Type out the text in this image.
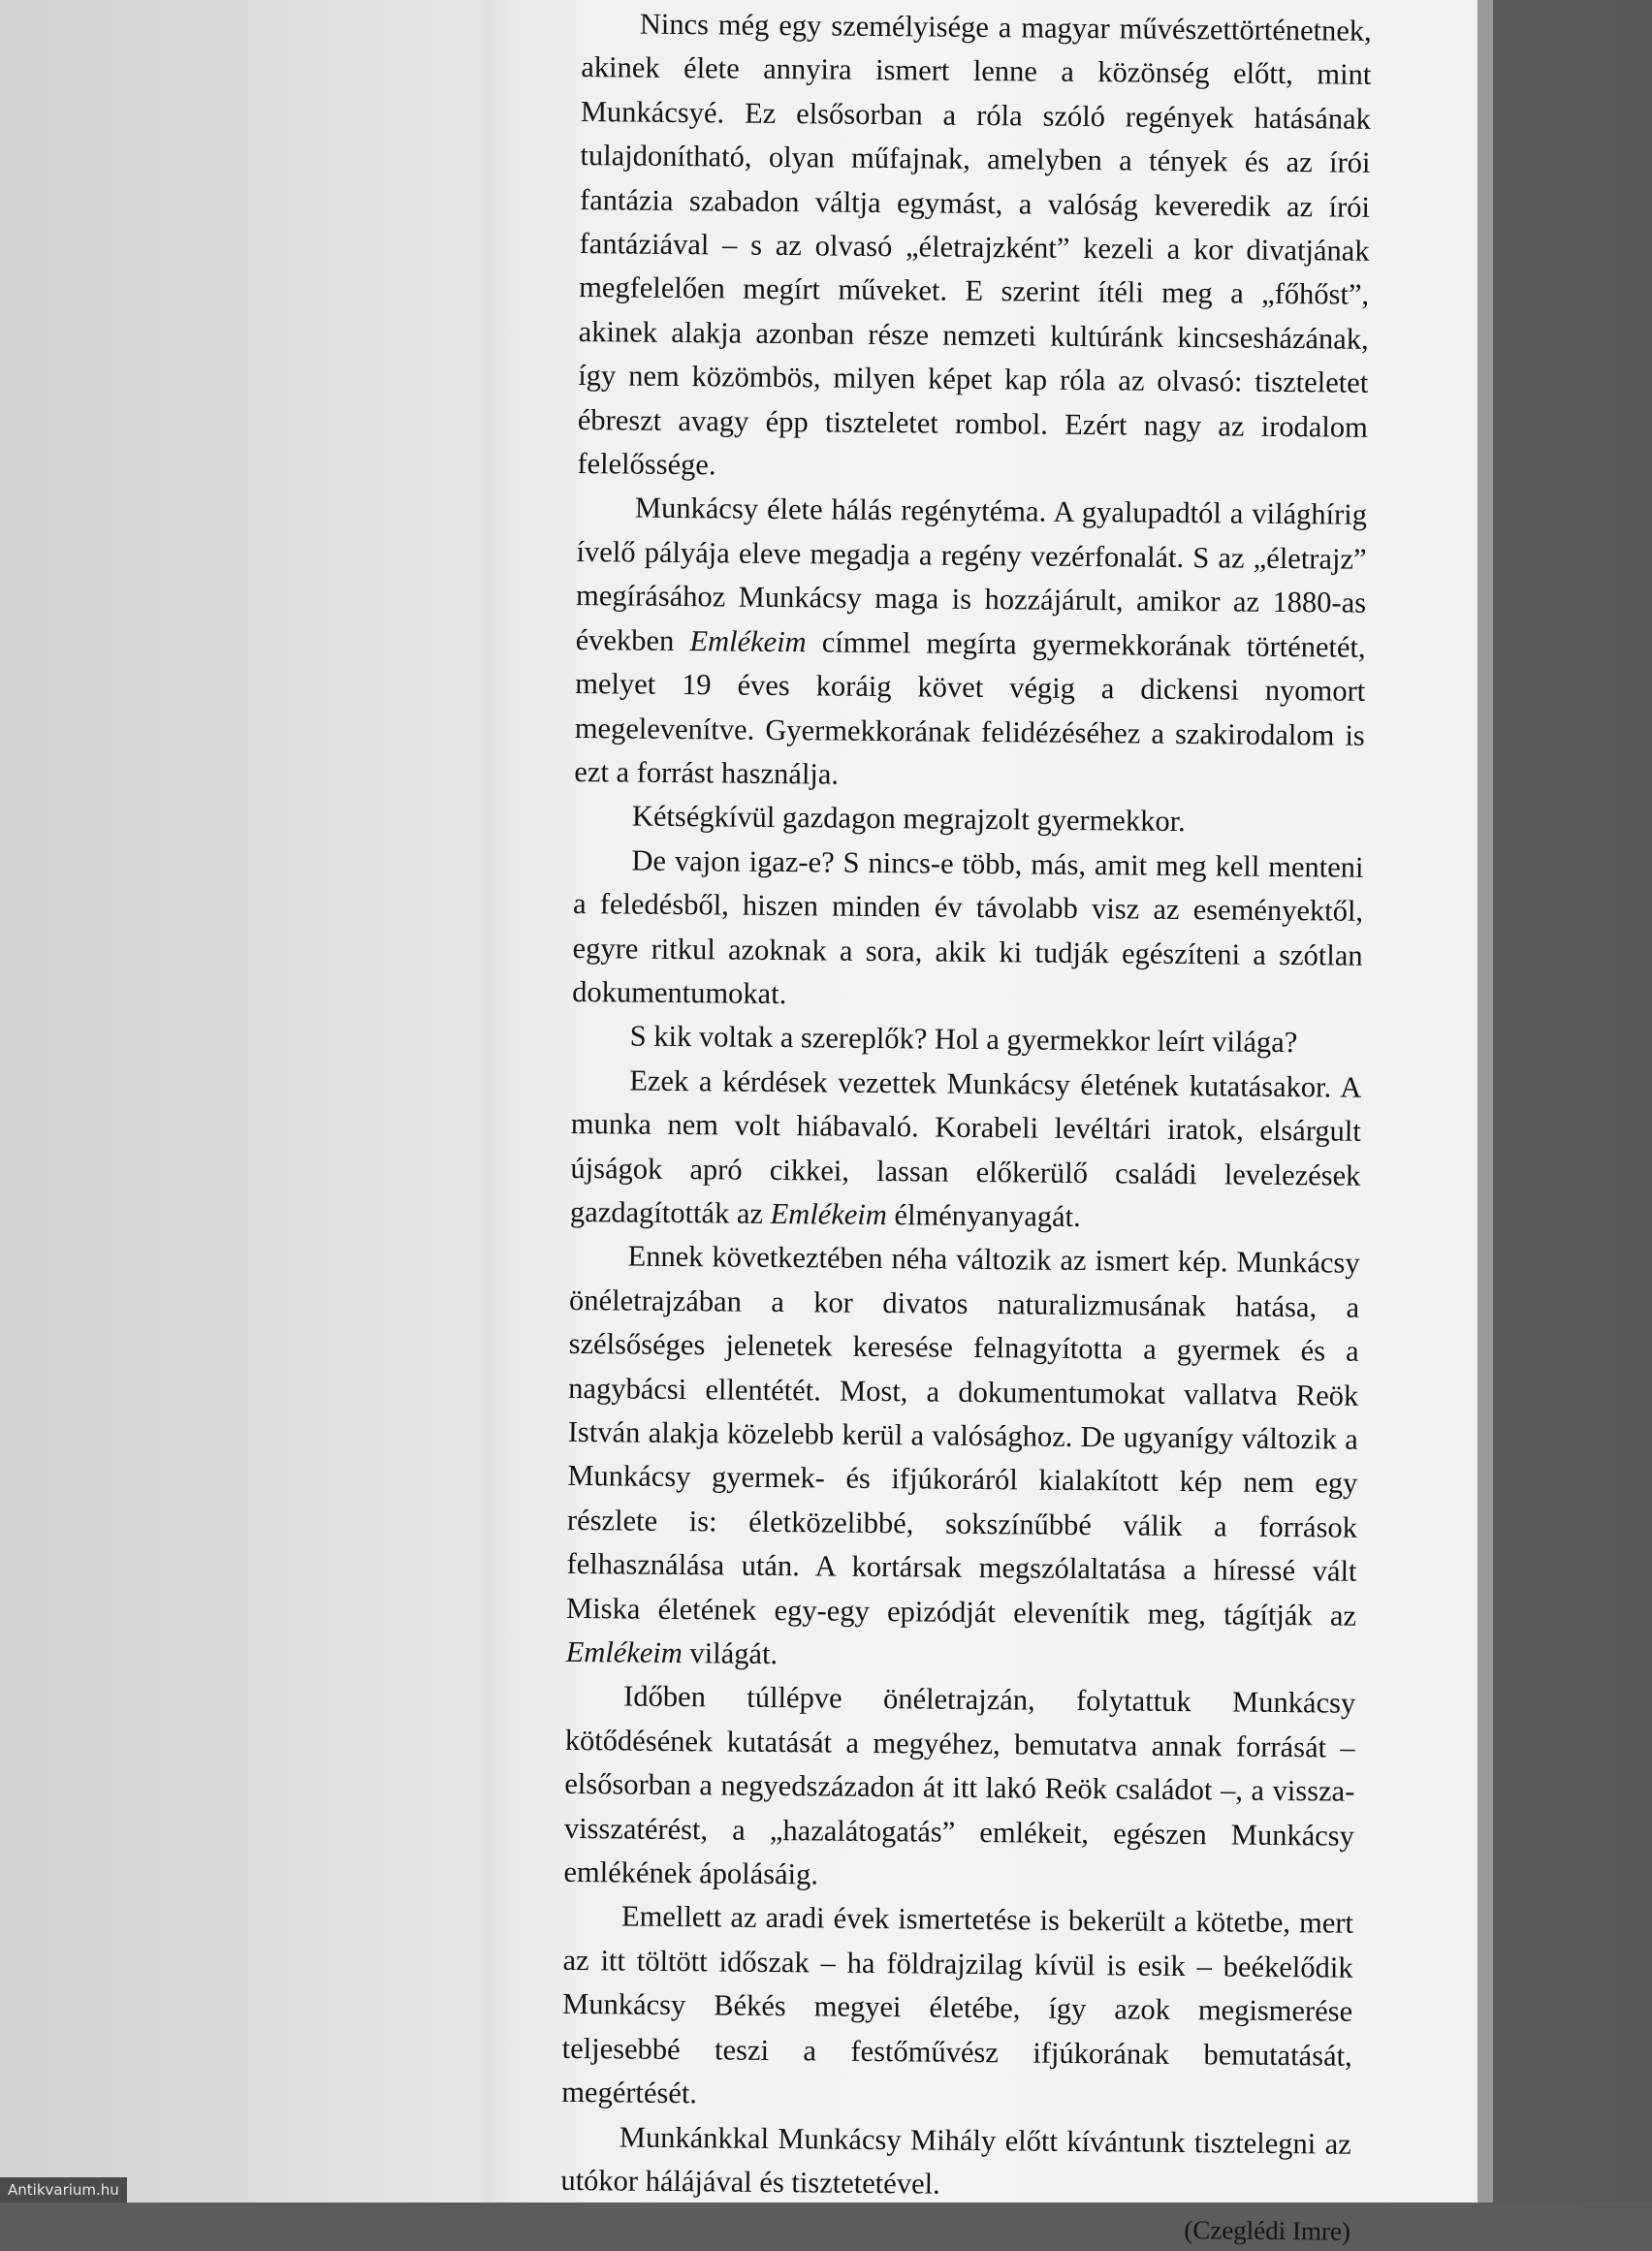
Nincs még egy személyisége a magyar művészettörténetnek, akinek élete annyira ismert lenne a közönség előtt, mint Munkácsyé. Ez elsősorban a róla szóló regények hatásának tulajdonítható, olyan műfajnak, amelyben a tények és az írói fantázia szabadon váltja egymást, a valóság keveredik az írói fantáziával – s az olvasó „életrajzként” kezeli a kor divatjának megfelelően megírt műveket. E szerint ítéli meg a „főhőst”, akinek alakja azonban része nemzeti kultúránk kincsesházának, így nem közömbös, milyen képet kap róla az olvasó: tiszteletet ébreszt avagy épp tiszteletet rombol. Ezért nagy az irodalom felelőssége.

Munkácsy élete hálás regénytéma. A gyalupadtól a világhírig ívelő pályája eleve megadja a regény vezérfonalát. S az „életrajz” megírásához Munkácsy maga is hozzájárult, amikor az 1880-as években Emlékeim címmel megírta gyermekkorának történetét, melyet 19 éves koráig követ végig a dickensi nyomort megelevenítve. Gyermekkorának felidézéséhez a szakirodalom is ezt a forrást használja.

Kétségkívül gazdagon megrajzolt gyermekkor.

De vajon igaz-e? S nincs-e több, más, amit meg kell menteni a feledésből, hiszen minden év távolabb visz az eseményektől, egyre ritkul azoknak a sora, akik ki tudják egészíteni a szótlan dokumentumokat.

S kik voltak a szereplők? Hol a gyermekkor leírt világa?

Ezek a kérdések vezettek Munkácsy életének kutatásakor. A munka nem volt hiábavaló. Korabeli levéltári iratok, elsárgult újságok apró cikkei, lassan előkerülő családi levelezések gazdagították az Emlékeim élményanyagát.

Ennek következtében néha változik az ismert kép. Munkácsy önéletrajzában a kor divatos naturalizmusának hatása, a szélsőséges jelenetek keresése felnagyította a gyermek és a nagybácsi ellentétét. Most, a dokumentumokat vallatva Reök István alakja közelebb kerül a valósághoz. De ugyanígy változik a Munkácsy gyermek- és ifjúkoráról kialakított kép nem egy részlete is: életközelibbé, sokszínűbbé válik a források felhasználása után. A kortársak megszólaltatása a híressé vált Miska életének egy-egy epizódját elevenítik meg, tágítják az Emlékeim világát.

Időben túllépve önéletrajzán, folytattuk Munkácsy kötődésének kutatását a megyéhez, bemutatva annak forrását – elsősorban a negyedszázadon át itt lakó Reök családot –, a vissza-visszatérést, a „hazalátogatás” emlékeit, egészen Munkácsy emlékének ápolásáig.

Emellett az aradi évek ismertetése is bekerült a kötetbe, mert az itt töltött időszak – ha földrajzilag kívül is esik – beékelődik Munkácsy Békés megyei életébe, így azok megismerése teljesebbé teszi a festőművész ifjúkorának bemutatását, megértését.

Munkánkkal Munkácsy Mihály előtt kívántunk tisztelegni az utókor hálájával és tisztetetével.

(Czeglédi Imre)
Antikvarium.hu
